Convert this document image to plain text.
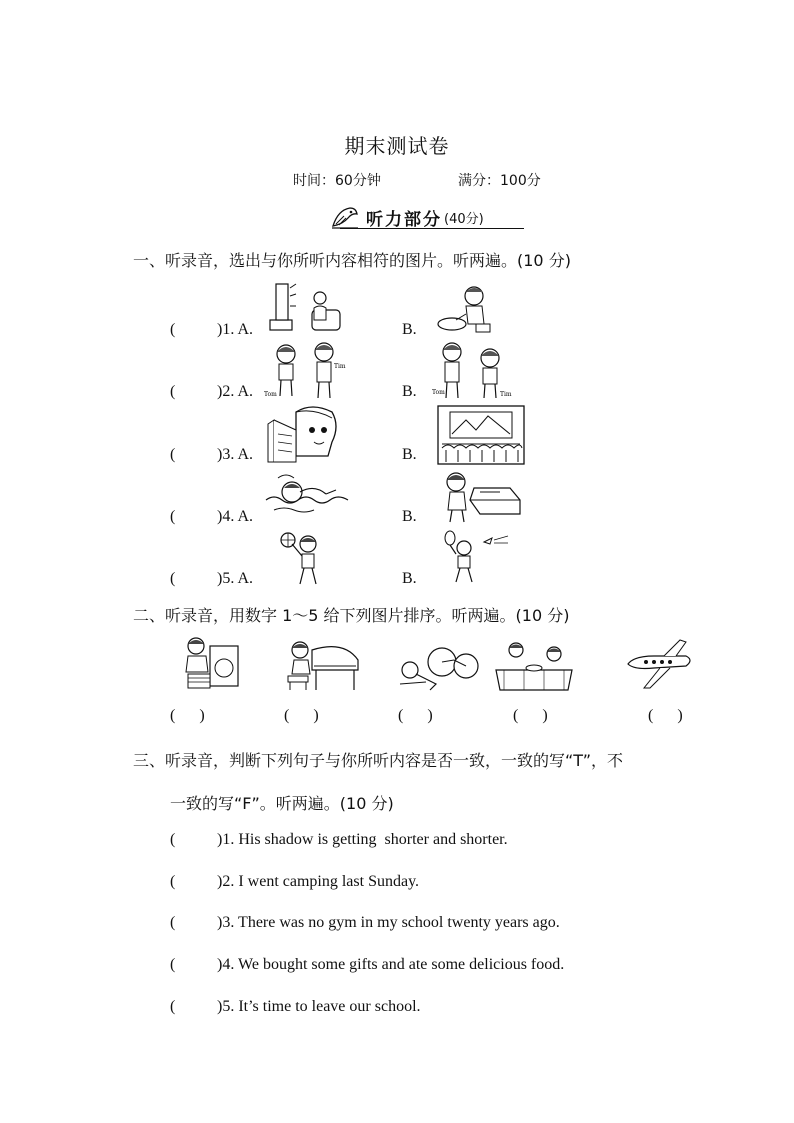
期末测试卷
时间：60分钟	满分：100分
听力部分 (40分)
一、听录音，选出与你所听内容相符的图片。听两遍。(10 分)
(	)1. A.	B.
(	)2. A.	B.
(	)3. A.	B.
(	)4. A.	B.
(	)5. A.	B.
Tom
Tim
Tom	Tim
二、听录音，用数字 1～5 给下列图片排序。听两遍。(10 分)
(      )	(      )	(      )	(      )	(      )
三、听录音，判断下列句子与你所听内容是否一致，一致的写“T”，不
一致的写“F”。听两遍。(10 分)
(	)1. His shadow is getting  shorter and shorter.
(	)2. I went camping last Sunday.
(	)3. There was no gym in my school twenty years ago.
(	)4. We bought some gifts and ate some delicious food.
(	)5. It’s time to leave our school.
